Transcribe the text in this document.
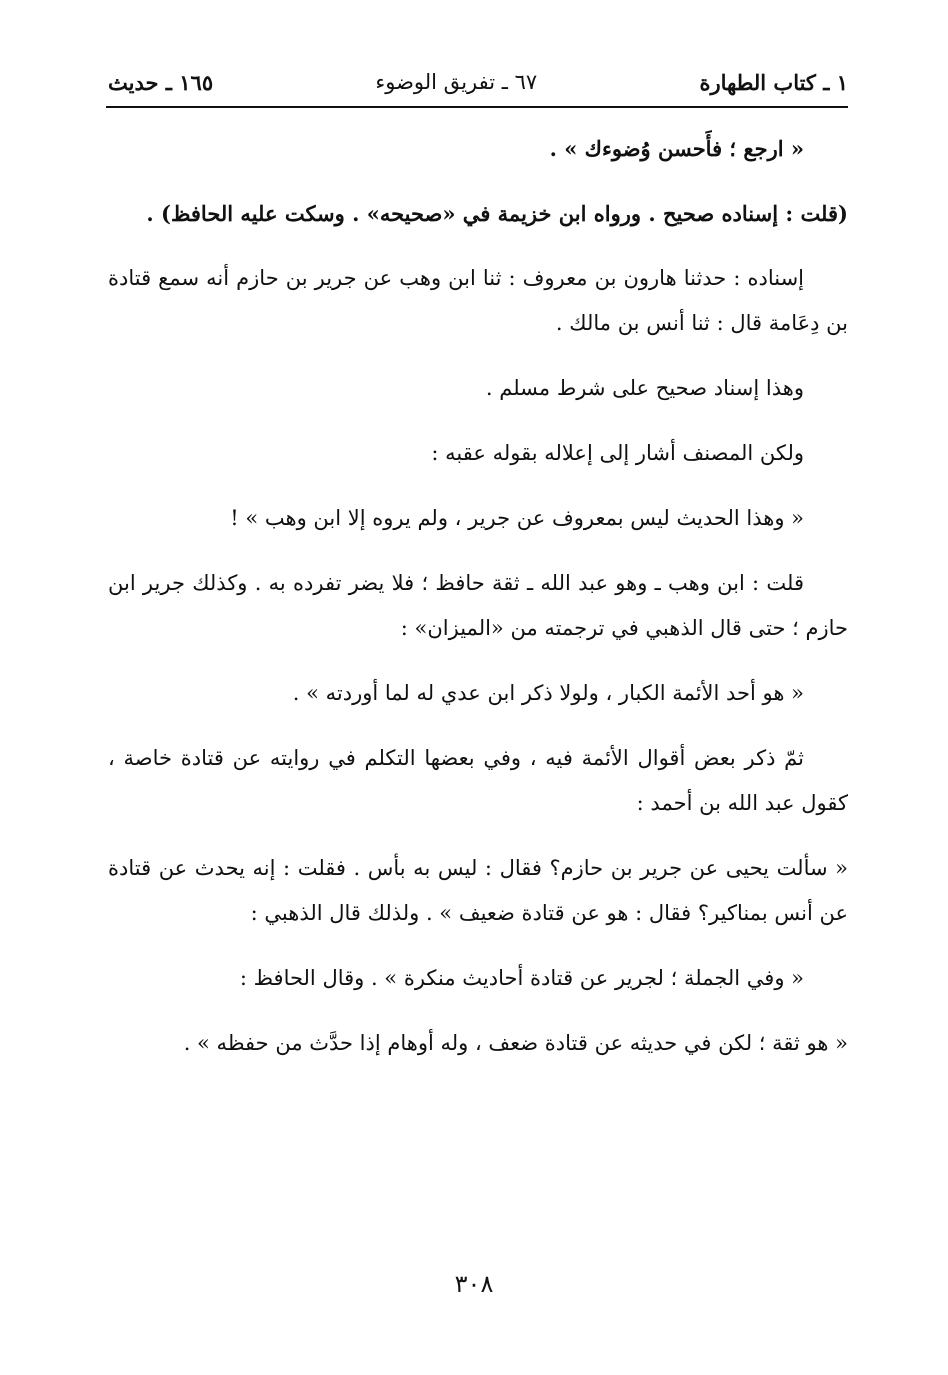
١ ـ كتاب الطهارة
٦٧ ـ تفريق الوضوء
١٦٥ ـ حديث

« ارجع ؛ فأَحسن وُضوءك » .

(قلت : إسناده صحيح . ورواه ابن خزيمة في «صحيحه» . وسكت عليه الحافظ) .

إسناده : حدثنا هارون بن معروف : ثنا ابن وهب عن جرير بن حازم أنه سمع قتادة بن دِعَامة قال : ثنا أنس بن مالك .

وهذا إسناد صحيح على شرط مسلم .

ولكن المصنف أشار إلى إعلاله بقوله عقبه :

« وهذا الحديث ليس بمعروف عن جرير ، ولم يروه إلا ابن وهب » !

قلت : ابن وهب ـ وهو عبد الله ـ ثقة حافظ ؛ فلا يضر تفرده به . وكذلك جرير ابن حازم ؛ حتى قال الذهبي في ترجمته من «الميزان» :

« هو أحد الأئمة الكبار ، ولولا ذكر ابن عدي له لما أوردته » .

ثمّ ذكر بعض أقوال الأئمة فيه ، وفي بعضها التكلم في روايته عن قتادة خاصة ، كقول عبد الله بن أحمد :

« سألت يحيى عن جرير بن حازم؟ فقال : ليس به بأس . فقلت : إنه يحدث عن قتادة عن أنس بمناكير؟ فقال : هو عن قتادة ضعيف » . ولذلك قال الذهبي :

« وفي الجملة ؛ لجرير عن قتادة أحاديث منكرة » . وقال الحافظ :

« هو ثقة ؛ لكن في حديثه عن قتادة ضعف ، وله أوهام إذا حدَّث من حفظه » .

٣٠٨
